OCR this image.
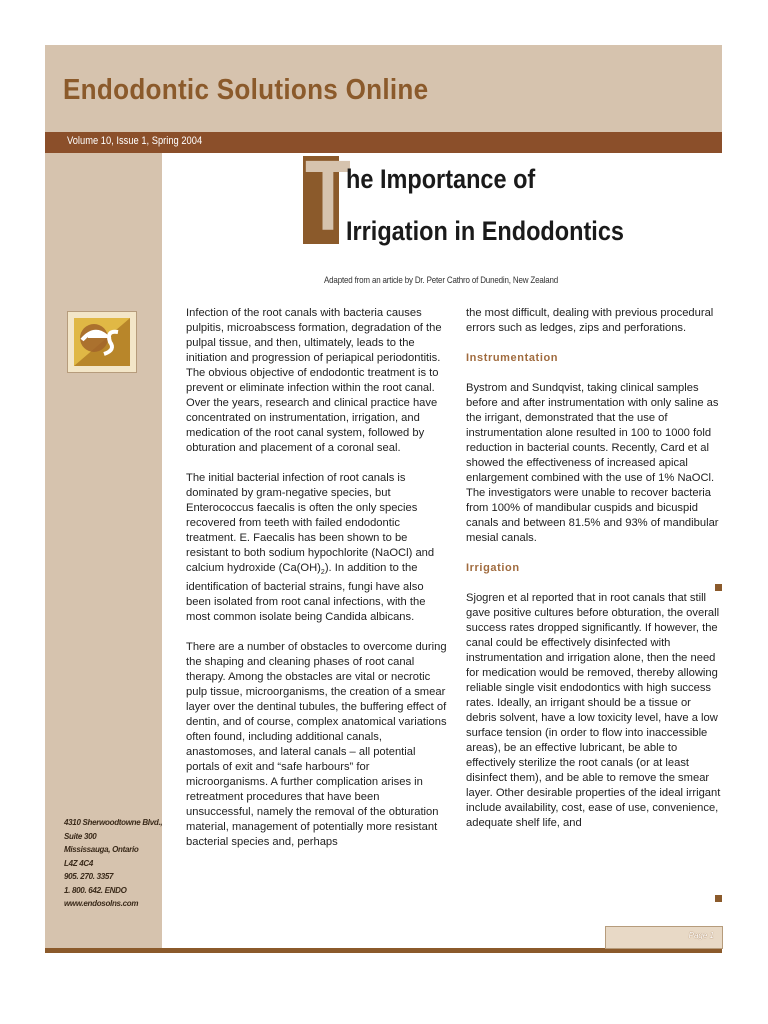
Endodontic Solutions Online
Volume 10, Issue 1, Spring 2004
4310 Sherwoodtowne Blvd.,
Suite 300
Mississauga, Ontario
L4Z 4C4
905. 270. 3357
1. 800. 642. ENDO
www.endosolns.com
T
he Importance of
Irrigation in Endodontics
Adapted from an article by Dr. Peter Cathro of Dunedin, New Zealand

Infection of the root canals with bacteria causes pulpitis, microabscess formation, degradation of the pulpal tissue, and then, ultimately, leads to the initiation and progression of periapical periodontitis. The obvious objective of endodontic treatment is to prevent or eliminate infection within the root canal. Over the years, research and clinical practice have concentrated on instrumentation, irrigation, and medication of the root canal system, followed by obturation and placement of a coronal seal.

The initial bacterial infection of root canals is dominated by gram-negative species, but Enterococcus faecalis is often the only species recovered from teeth with failed endodontic treatment. E. Faecalis has been shown to be resistant to both sodium hypochlorite (NaOCl) and calcium hydroxide $(Ca(OH)_2)$. In addition to the identification of bacterial strains, fungi have also been isolated from root canal infections, with the most common isolate being Candida albicans.

There are a number of obstacles to overcome during the shaping and cleaning phases of root canal therapy. Among the obstacles are vital or necrotic pulp tissue, microorganisms, the creation of a smear layer over the dentinal tubules, the buffering effect of dentin, and of course, complex anatomical variations often found, including additional canals, anastomoses, and lateral canals – all potential portals of exit and “safe harbours” for microorganisms. A further complication arises in retreatment procedures that have been unsuccessful, namely the removal of the obturation material, management of potentially more resistant bacterial species and, perhaps

the most difficult, dealing with previous procedural errors such as ledges, zips and perforations.

Instrumentation

Bystrom and Sundqvist, taking clinical samples before and after instrumentation with only saline as the irrigant, demonstrated that the use of instrumentation alone resulted in 100 to 1000 fold reduction in bacterial counts. Recently, Card et al showed the effectiveness of increased apical enlargement combined with the use of 1% NaOCl. The investigators were unable to recover bacteria from 100% of mandibular cuspids and bicuspid canals and between 81.5% and 93% of mandibular mesial canals.

Irrigation

Sjogren et al reported that in root canals that still gave positive cultures before obturation, the overall success rates dropped significantly. If however, the canal could be effectively disinfected with instrumentation and irrigation alone, then the need for medication would be removed, thereby allowing reliable single visit endodontics with high success rates. Ideally, an irrigant should be a tissue or debris solvent, have a low toxicity level, have a low surface tension (in order to flow into inaccessible areas), be an effective lubricant, be able to effectively sterilize the root canals (or at least disinfect them), and be able to remove the smear layer. Other desirable properties of the ideal irrigant include availability, cost, ease of use, convenience, adequate shelf life, and

Page 1
